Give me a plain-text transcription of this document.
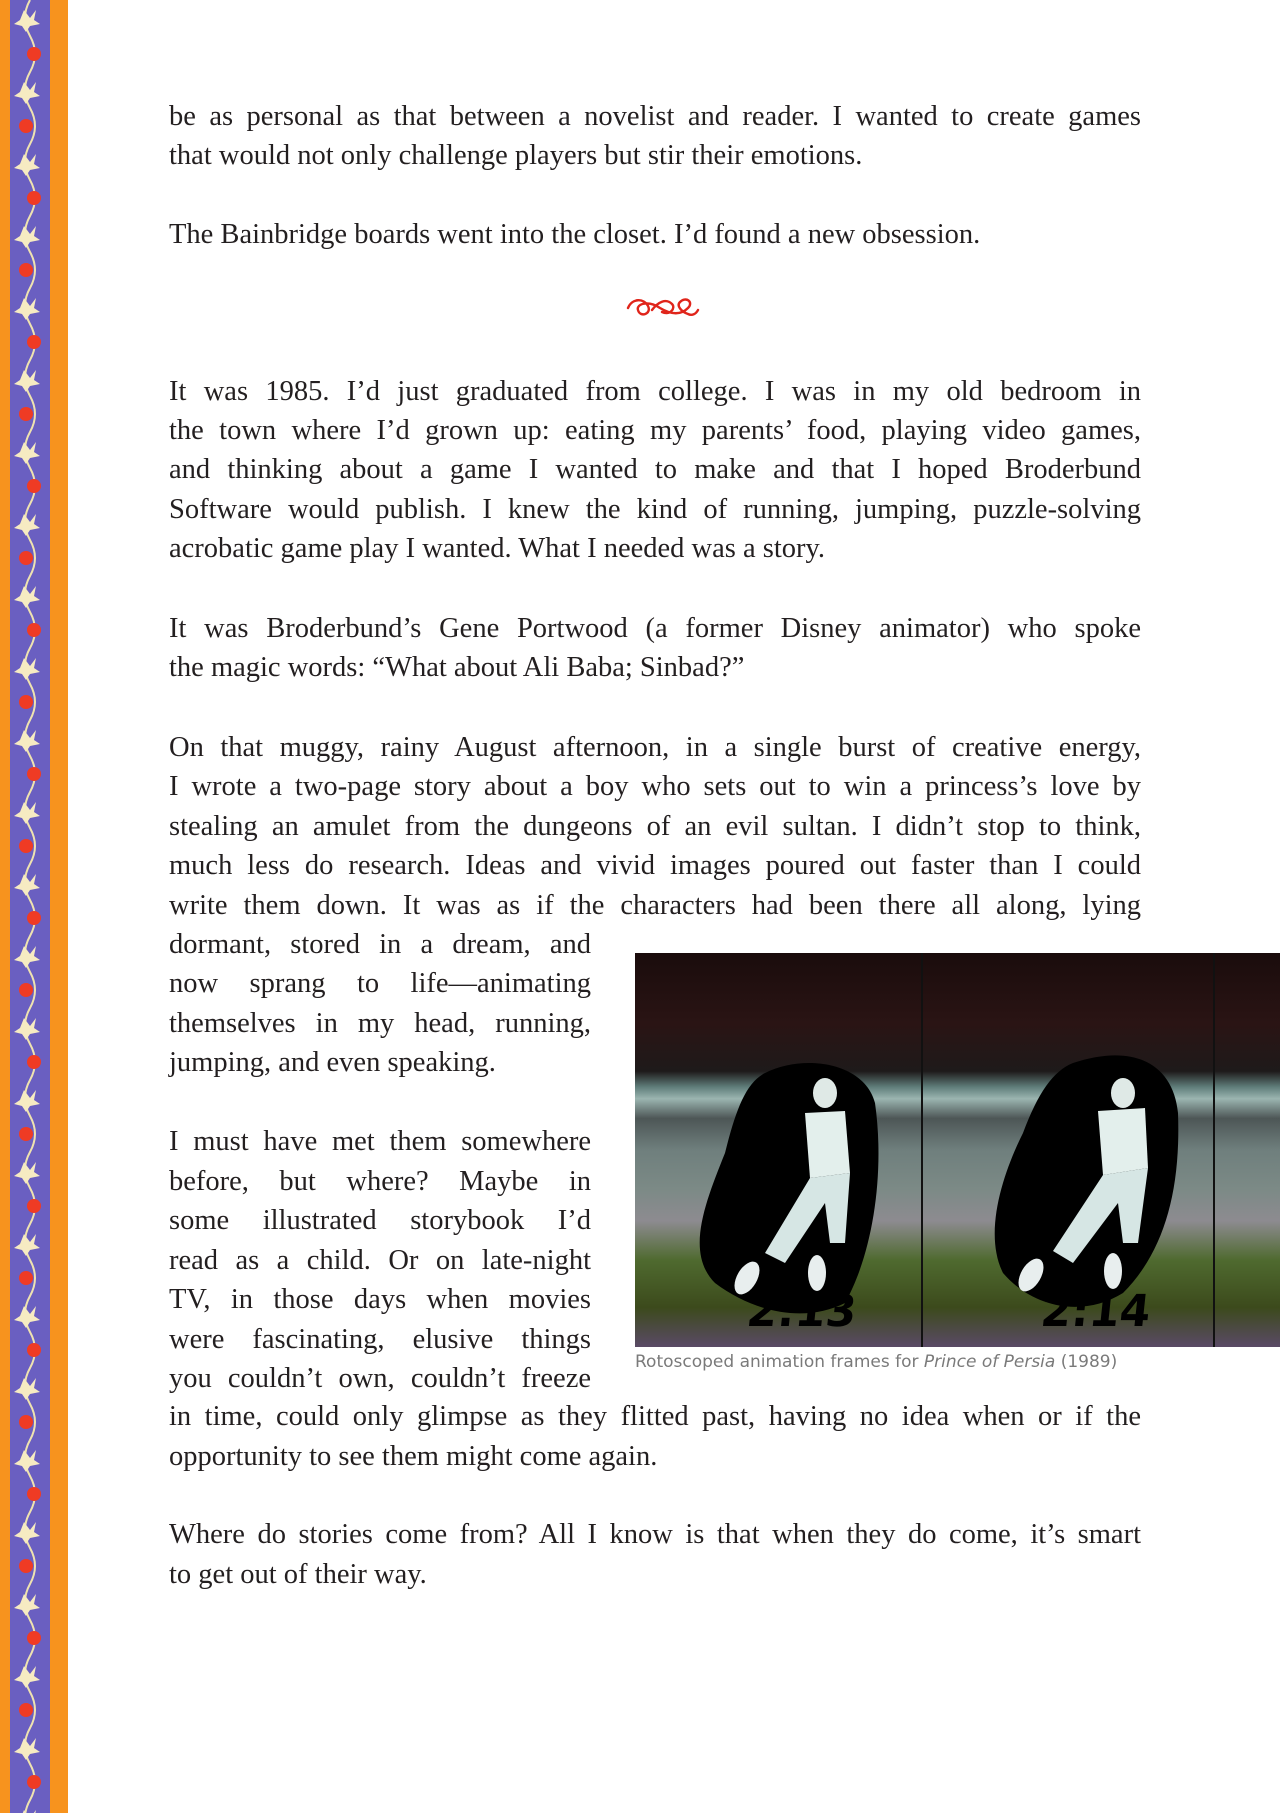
be as personal as that between a novelist and reader. I wanted to create games
that would not only challenge players but stir their emotions.
The Bainbridge boards went into the closet. I’d found a new obsession.
It was 1985. I’d just graduated from college. I was in my old bedroom in
the town where I’d grown up: eating my parents’ food, playing video games,
and thinking about a game I wanted to make and that I hoped Broderbund
Software would publish. I knew the kind of running, jumping, puzzle-solving
acrobatic game play I wanted. What I needed was a story.
It was Broderbund’s Gene Portwood (a former Disney animator) who spoke
the magic words: “What about Ali Baba; Sinbad?”
On that muggy, rainy August afternoon, in a single burst of creative energy,
I wrote a two-page story about a boy who sets out to win a princess’s love by
stealing an amulet from the dungeons of an evil sultan. I didn’t stop to think,
much less do research. Ideas and vivid images poured out faster than I could
write them down. It was as if the characters had been there all along, lying
dormant, stored in a dream, and
now sprang to life—animating
themselves in my head, running,
jumping, and even speaking.
I must have met them somewhere
before, but where? Maybe in
some illustrated storybook I’d
read as a child. Or on late-night
TV, in those days when movies
were fascinating, elusive things
you couldn’t own, couldn’t freeze
in time, could only glimpse as they flitted past, having no idea when or if the
opportunity to see them might come again.
Where do stories come from? All I know is that when they do come, it’s smart
to get out of their way.
2:13	2:14
Rotoscoped animation frames for Prince of Persia (1989)
